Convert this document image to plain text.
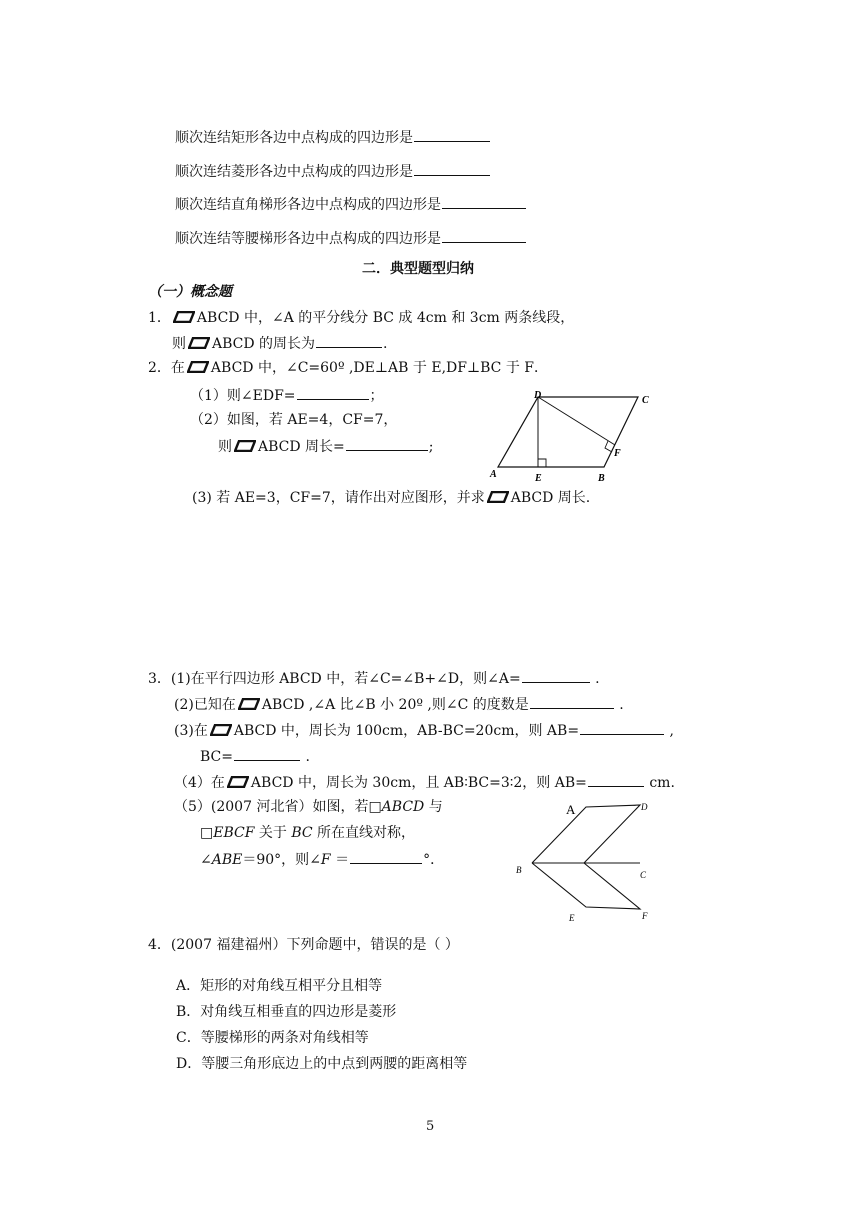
顺次连结矩形各边中点构成的四边形是
顺次连结菱形各边中点构成的四边形是
顺次连结直角梯形各边中点构成的四边形是
顺次连结等腰梯形各边中点构成的四边形是
二．典型题型归纳
（一）概念题
1． ABCD 中，∠A 的平分线分 BC 成 4cm 和 3cm 两条线段，
则 ABCD 的周长为	.
2．在 ABCD 中，∠C=60º ,DE⊥AB 于 E,DF⊥BC 于 F．
（1）则∠EDF=	；
（2）如图，若 AE=4，CF=7，
则 ABCD 周长=	;
(3) 若 AE=3，CF=7，请作出对应图形，并求 ABCD 周长.
D	C
A	E	B
F
3．(1)在平行四边形 ABCD 中，若∠C=∠B+∠D，则∠A=	.
(2)已知在 ABCD ,∠A 比∠B 小 20º ,则∠C 的度数是	.
(3)在 ABCD 中，周长为 100cm，AB-BC=20cm，则 AB=	,
BC=	.
（4）在 ABCD 中，周长为 30cm，且 AB∶BC=3∶2，则 AB=	cm.
（5）(2007 河北省）如图，若□ABCD 与
□EBCF 关于 BC 所在直线对称，
∠ABE＝90°，则∠F ＝	°．
A	D
B	C
E	F
4．(2007 福建福州）下列命题中，错误的是（ ）
A．矩形的对角线互相平分且相等
B．对角线互相垂直的四边形是菱形
C．等腰梯形的两条对角线相等
D．等腰三角形底边上的中点到两腰的距离相等
5
